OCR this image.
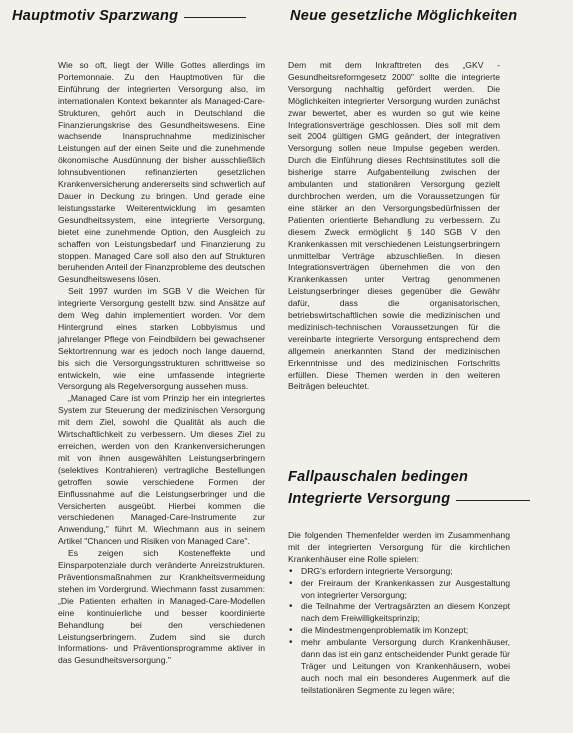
Hauptmotiv Sparzwang	Neue gesetzliche Möglichkeiten

Wie so oft, liegt der Wille Gottes allerdings im Portemonnaie. Zu den Hauptmotiven für die Einführung der integrierten Versorgung also, im internationalen Kontext bekannter als Managed-Care-Strukturen, gehört auch in Deutschland die Finanzierungskrise des Gesundheitswesens. Eine wachsende Inanspruchnahme medizinischer Leistungen auf der einen Seite und die zunehmende ökonomische Ausdünnung der bisher ausschließlich lohnsubventionen refinanzierten gesetzlichen Krankenversicherung andererseits sind schwerlich auf Dauer in Deckung zu bringen. Und gerade eine leistungsstarke Weiterentwicklung im gesamten Gesundheitssystem, eine integrierte Versorgung, bietet eine zunehmende Option, den Ausgleich zu schaffen von Leistungsbedarf und Finanzierung zu stoppen. Managed Care soll also den auf Strukturen beruhenden Anteil der Finanzprobleme des deutschen Gesundheitswesens lösen.

Seit 1997 wurden im SGB V die Weichen für integrierte Versorgung gestellt bzw. sind Ansätze auf dem Weg dahin implementiert worden. Vor dem Hintergrund eines starken Lobbyismus und jahrelanger Pflege von Feindbildern bei gewachsener Sektortrennung war es jedoch noch lange dauernd, bis sich die Versorgungsstrukturen schrittweise so entwickeln, wie eine umfassende integrierte Versorgung als Regelversorgung aussehen muss.

„Managed Care ist vom Prinzip her ein integriertes System zur Steuerung der medizinischen Versorgung mit dem Ziel, sowohl die Qualität als auch die Wirtschaftlichkeit zu verbessern. Um dieses Ziel zu erreichen, werden von den Krankenversicherungen mit von ihnen ausgewählten Leistungserbringern (selektives Kontrahieren) vertragliche Bestellungen getroffen sowie verschiedene Formen der Einflussnahme auf die Leistungserbringer und die Versicherten ausgeübt. Hierbei kommen die verschiedenen Managed-Care-Instrumente zur Anwendung," führt M. Wiechmann aus in seinem Artikel "Chancen und Risiken von Managed Care".

Es zeigen sich Kosteneffekte und Einsparpotenziale durch veränderte Anreizstrukturen. Präventionsmaßnahmen zur Krankheitsvermeidung stehen im Vordergrund. Wiechmann fasst zusammen: „Die Patienten erhalten in Managed-Care-Modellen eine kontinuierliche und besser koordinierte Behandlung bei den verschiedenen Leistungserbringern. Zudem sind sie durch Informations- und Präventionsprogramme aktiver in das Gesundheitsversorgung."

Dem mit dem Inkrafttreten des „GKV - Gesundheitsreformgesetz 2000" sollte die integrierte Versorgung nachhaltig gefördert werden. Die Möglichkeiten integrierter Versorgung wurden zunächst zwar bewertet, aber es wurden so gut wie keine Integrationsverträge geschlossen. Dies soll mit dem seit 2004 gültigen GMG geändert, der integrativen Versorgung sollen neue Impulse gegeben werden. Durch die Einführung dieses Rechtsinstitutes soll die bisherige starre Aufgabenteilung zwischen der ambulanten und stationären Versorgung gezielt durchbrochen werden, um die Voraussetzungen für eine stärker an den Versorgungsbedürfnissen der Patienten orientierte Behandlung zu verbessern. Zu diesem Zweck ermöglicht § 140 SGB V den Krankenkassen mit verschiedenen Leistungserbringern unmittelbar Verträge abzuschließen. In diesen Integrationsverträgen übernehmen die von den Krankenkassen unter Vertrag genommenen Leistungserbringer dieses gegenüber die Gewähr dafür, dass die organisatorischen, betriebswirtschaftlichen sowie die medizinischen und medizinisch-technischen Voraussetzungen für die vereinbarte integrierte Versorgung entsprechend dem allgemein anerkannten Stand der medizinischen Erkenntnisse und des medizinischen Fortschritts erfüllen. Diese Themen werden in den weiteren Beiträgen beleuchtet.

Fallpauschalen bedingen
Integrierte Versorgung

Die folgenden Themenfelder werden im Zusammenhang mit der integrierten Versorgung für die kirchlichen Krankenhäuser eine Rolle spielen:

• DRG's erfordern integrierte Versorgung;
• der Freiraum der Krankenkassen zur Ausgestaltung von integrierter Versorgung;
• die Teilnahme der Vertragsärzten an diesem Konzept nach dem Freiwilligkeitsprinzip;
• die Mindestmengenproblematik im Konzept;
• mehr ambulante Versorgung durch Krankenhäuser, dann das ist ein ganz entscheidender Punkt gerade für Träger und Leitungen von Krankenhäusern, wobei auch noch mal ein besonderes Augenmerk auf die teilstationären Segmente zu legen wäre;
